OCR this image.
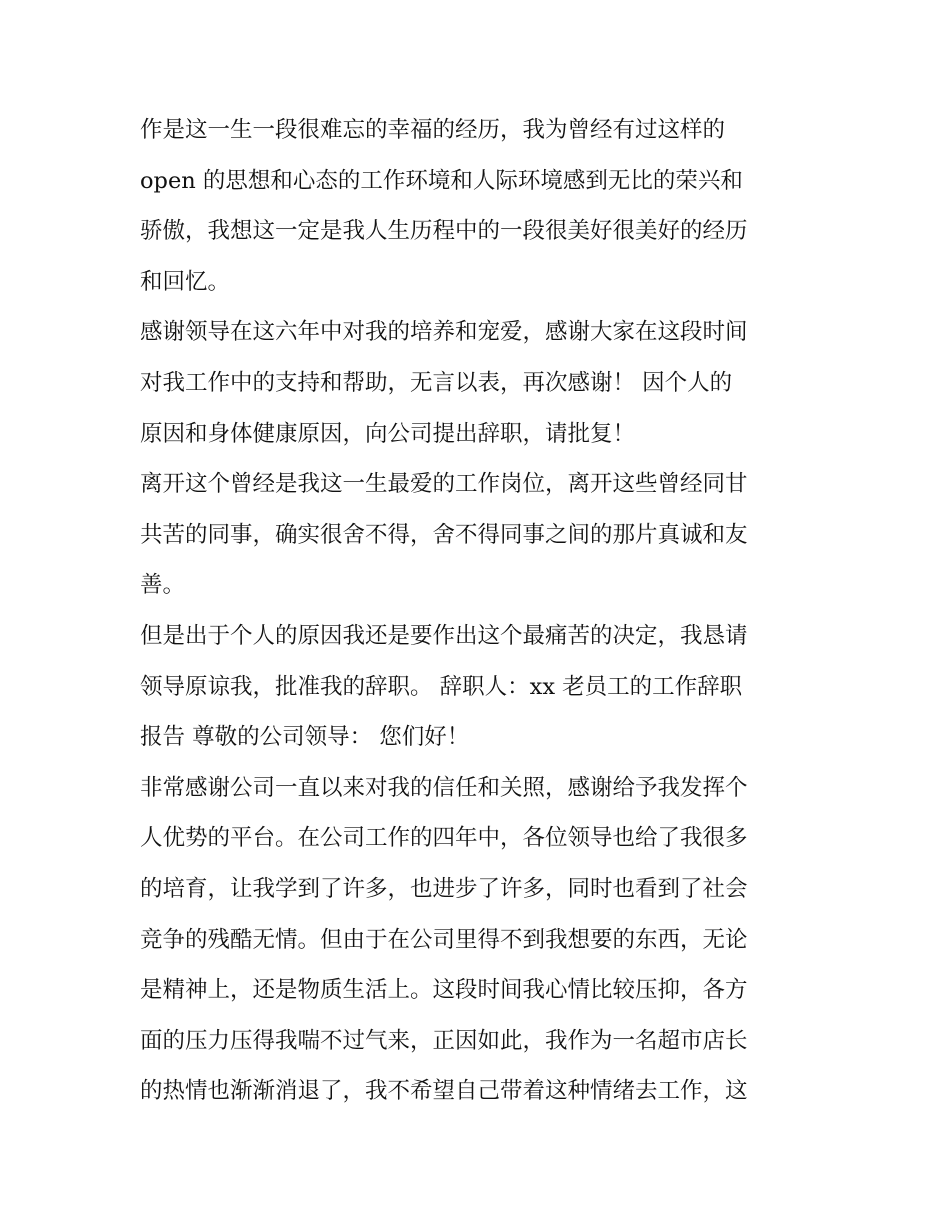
作是这一生一段很难忘的幸福的经历，我为曾经有过这样的
open 的思想和心态的工作环境和人际环境感到无比的荣兴和
骄傲，我想这一定是我人生历程中的一段很美好很美好的经历
和回忆。
感谢领导在这六年中对我的培养和宠爱，感谢大家在这段时间
对我工作中的支持和帮助，无言以表，再次感谢！ 因个人的
原因和身体健康原因，向公司提出辞职，请批复！
离开这个曾经是我这一生最爱的工作岗位，离开这些曾经同甘
共苦的同事，确实很舍不得，舍不得同事之间的那片真诚和友
善。
但是出于个人的原因我还是要作出这个最痛苦的决定，我恳请
领导原谅我，批准我的辞职。 辞职人：xx 老员工的工作辞职
报告 尊敬的公司领导： 您们好！
非常感谢公司一直以来对我的信任和关照，感谢给予我发挥个
人优势的平台。在公司工作的四年中，各位领导也给了我很多
的培育，让我学到了许多，也进步了许多，同时也看到了社会
竞争的残酷无情。但由于在公司里得不到我想要的东西，无论
是精神上，还是物质生活上。这段时间我心情比较压抑，各方
面的压力压得我喘不过气来，正因如此，我作为一名超市店长
的热情也渐渐消退了，我不希望自己带着这种情绪去工作，这
